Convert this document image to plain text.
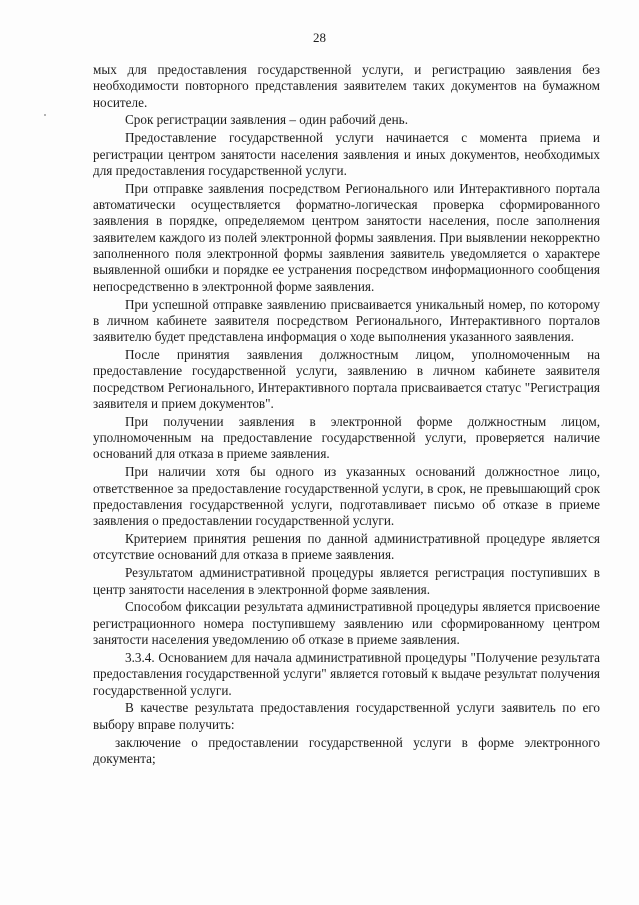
28

мых для предоставления государственной услуги, и регистрацию заявления без необходимости повторного представления заявителем таких документов на бумажном носителе.

Срок регистрации заявления – один рабочий день.

Предоставление государственной услуги начинается с момента приема и регистрации центром занятости населения заявления и иных документов, необходимых для предоставления государственной услуги.

При отправке заявления посредством Регионального или Интерактивного портала автоматически осуществляется форматно-логическая проверка сформированного заявления в порядке, определяемом центром занятости населения, после заполнения заявителем каждого из полей электронной формы заявления. При выявлении некорректно заполненного поля электронной формы заявления заявитель уведомляется о характере выявленной ошибки и порядке ее устранения посредством информационного сообщения непосредственно в электронной форме заявления.

При успешной отправке заявлению присваивается уникальный номер, по которому в личном кабинете заявителя посредством Регионального, Интерактивного порталов заявителю будет представлена информация о ходе выполнения указанного заявления.

После принятия заявления должностным лицом, уполномоченным на предоставление государственной услуги, заявлению в личном кабинете заявителя посредством Регионального, Интерактивного портала присваивается статус "Регистрация заявителя и прием документов".

При получении заявления в электронной форме должностным лицом, уполномоченным на предоставление государственной услуги, проверяется наличие оснований для отказа в приеме заявления.

При наличии хотя бы одного из указанных оснований должностное лицо, ответственное за предоставление государственной услуги, в срок, не превышающий срок предоставления государственной услуги, подготавливает письмо об отказе в приеме заявления о предоставлении государственной услуги.

Критерием принятия решения по данной административной процедуре является отсутствие оснований для отказа в приеме заявления.

Результатом административной процедуры является регистрация поступивших в центр занятости населения в электронной форме заявления.

Способом фиксации результата административной процедуры является присвоение регистрационного номера поступившему заявлению или сформированному центром занятости населения уведомлению об отказе в приеме заявления.

3.3.4. Основанием для начала административной процедуры "Получение результата предоставления государственной услуги" является готовый к выдаче результат получения государственной услуги.

В качестве результата предоставления государственной услуги заявитель по его выбору вправе получить:

заключение о предоставлении государственной услуги в форме электронного документа;
